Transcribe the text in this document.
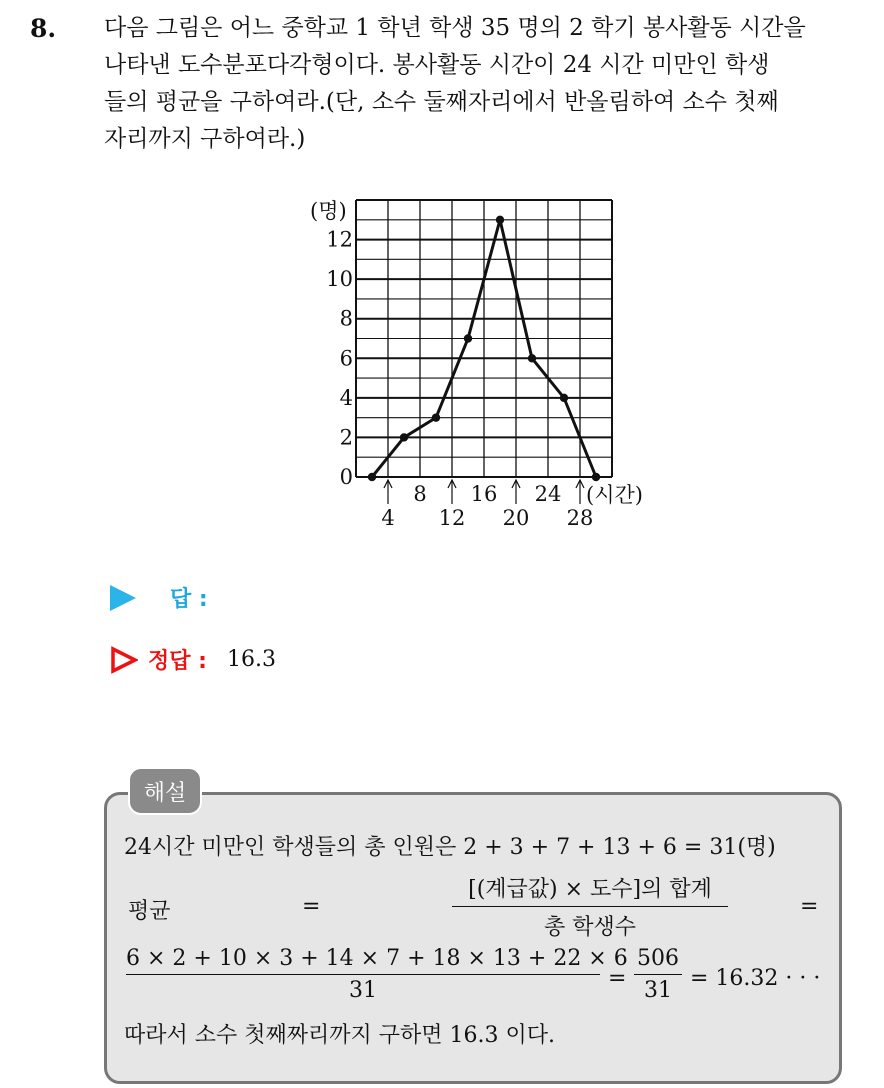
8. 다음 그림은 어느 중학교 1 학년 학생 35 명의 2 학기 봉사활동 시간을
나타낸 도수분포다각형이다. 봉사활동 시간이 24 시간 미만인 학생
들의 평균을 구하여라.(단, 소수 둘째자리에서 반올림하여 소수 첫째
자리까지 구하여라.)
12
10
8
6
4
2
0
8 16 24
4 12 20 28
(명)
(시간)
답 :
정답 : 16.3
해설
24시간 미만인 학생들의 총 인원은 2 + 3 + 7 + 13 + 6 = 31(명)
평균	=
[(계급값) × 도수]의 합계
총 학생수
=
$\frac{6 \times 2 + 10 \times 3 + 14 \times 7 + 18 \times 13 + 22 \times 6}{31} = \frac{506}{31} = 16.32$ · · ·
따라서 소수 첫째짜리까지 구하면 16.3 이다.
